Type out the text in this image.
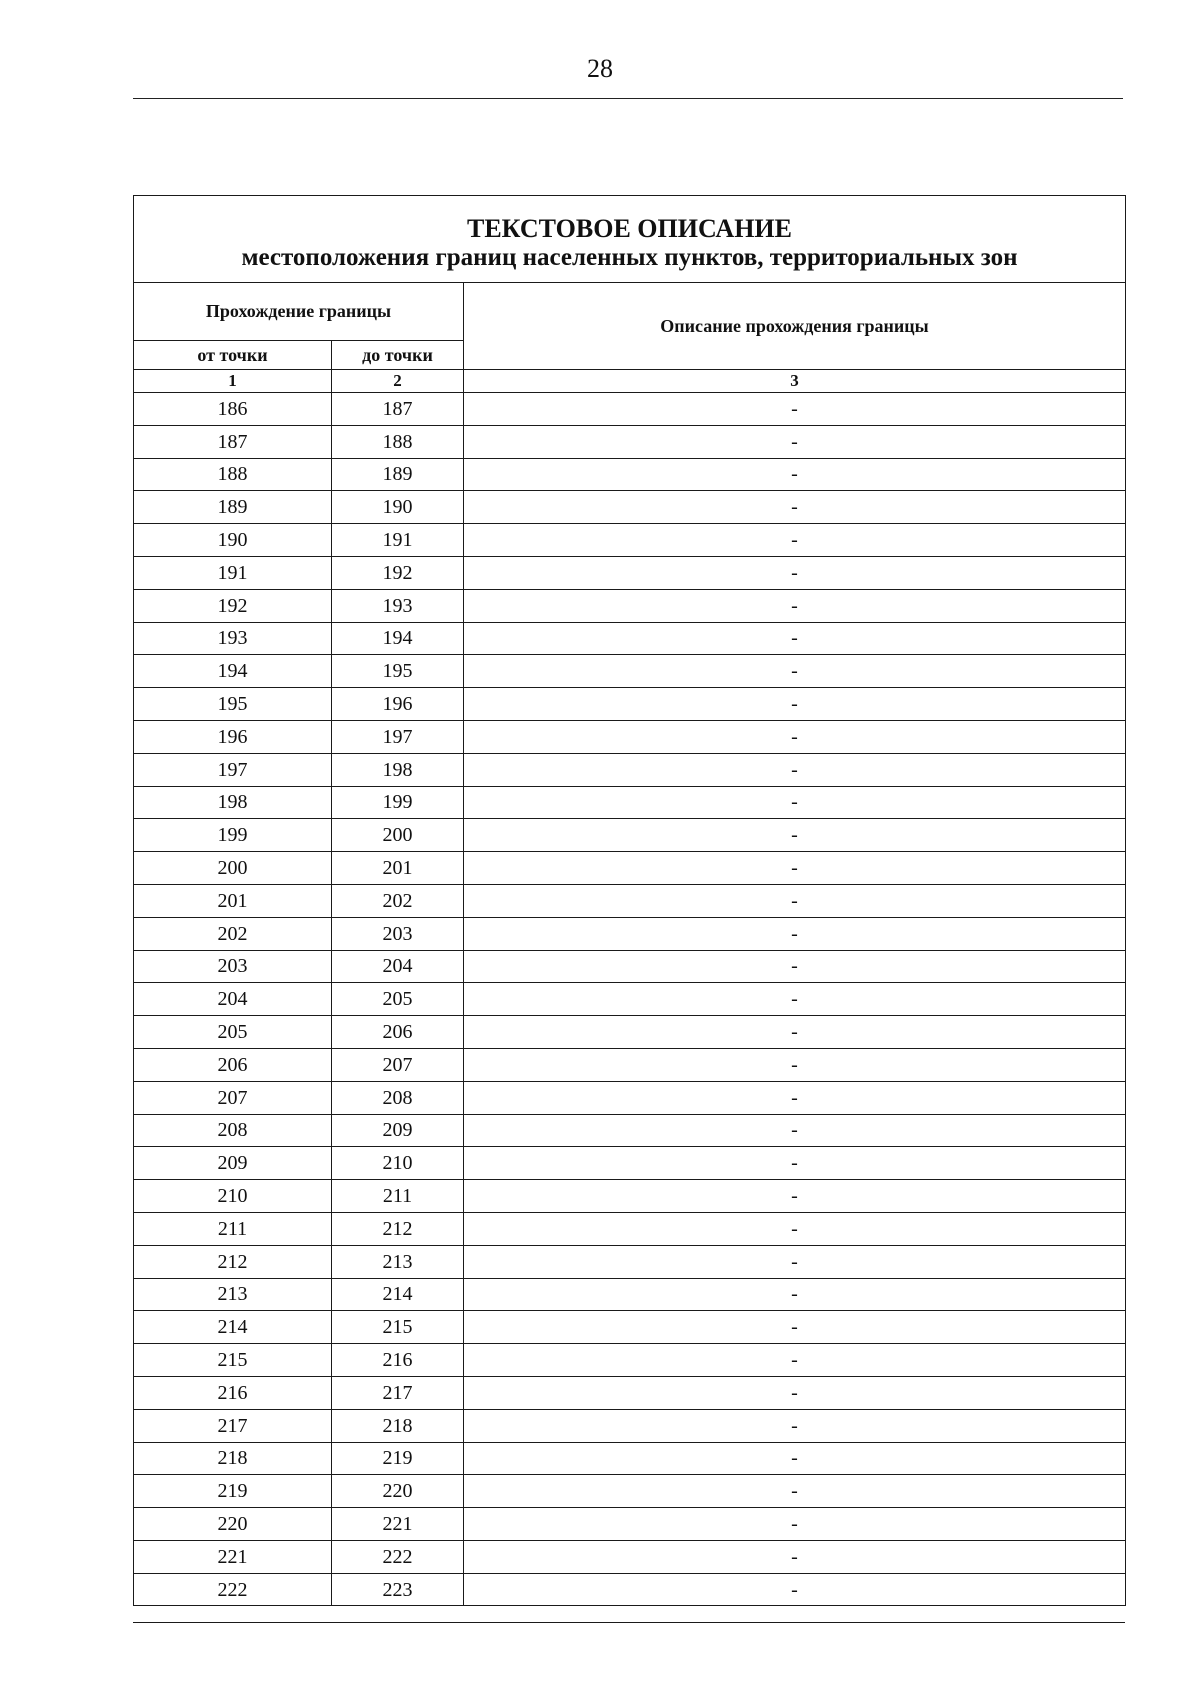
28
ТЕКСТОВОЕ ОПИСАНИЕ
местоположения границ населенных пунктов, территориальных зон		

Прохождение границы		Описание прохождения границы
от точки	до точки	
1	2	3
186	187	-
187	188	-
188	189	-
189	190	-
190	191	-
191	192	-
192	193	-
193	194	-
194	195	-
195	196	-
196	197	-
197	198	-
198	199	-
199	200	-
200	201	-
201	202	-
202	203	-
203	204	-
204	205	-
205	206	-
206	207	-
207	208	-
208	209	-
209	210	-
210	211	-
211	212	-
212	213	-
213	214	-
214	215	-
215	216	-
216	217	-
217	218	-
218	219	-
219	220	-
220	221	-
221	222	-
222	223	-
